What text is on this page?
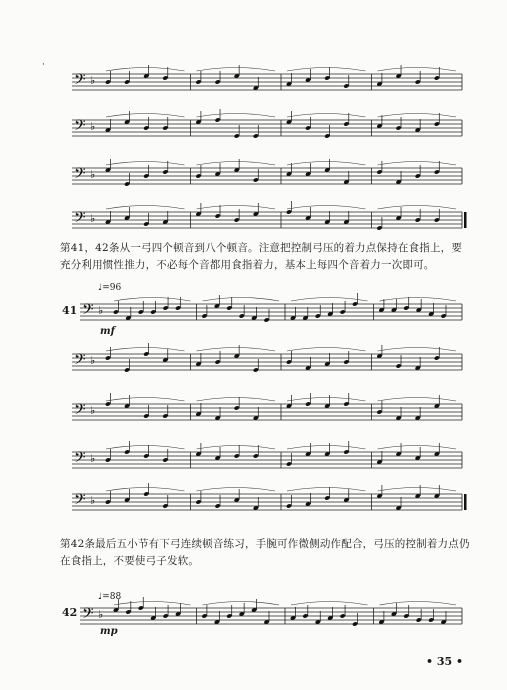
·
𝄢 ♭
𝄢 ♭
𝄢 ♭
𝄢 ♭

第41，42条从一弓四个顿音到八个顿音。注意把控制弓压的着力点保持在食指上，要充分利用惯性推力，不必每个音都用食指着力，基本上每四个音着力一次即可。

♩=96
41
mf
𝄢 ♭
𝄢 ♭
𝄢 ♭
𝄢 ♭
𝄢 ♭

第42条最后五小节有下弓连续顿音练习，手腕可作微侧动作配合，弓压的控制着力点仍在食指上，不要使弓子发软。

♩=88
42
mp
𝄢 ♭
• 35 •
